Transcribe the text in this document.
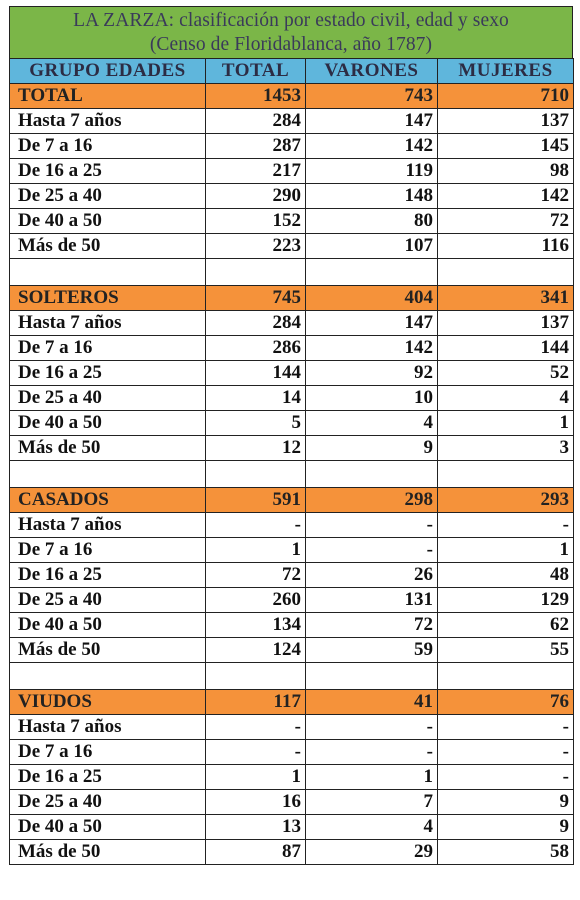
LA ZARZA: clasificación por estado civil, edad y sexo
(Censo de Floridablanca, año 1787)
GRUPO EDADES	TOTAL	VARONES	MUJERES
TOTAL	1453	743	710
Hasta 7 años	284	147	137
De 7 a 16	287	142	145
De 16 a 25	217	119	98
De 25 a 40	290	148	142
De 40 a 50	152	80	72
Más de 50	223	107	116

SOLTEROS	745	404	341
Hasta 7 años	284	147	137
De 7 a 16	286	142	144
De 16 a 25	144	92	52
De 25 a 40	14	10	4
De 40 a 50	5	4	1
Más de 50	12	9	3

CASADOS	591	298	293
Hasta 7 años	-	-	-
De 7 a 16	1	-	1
De 16 a 25	72	26	48
De 25 a 40	260	131	129
De 40 a 50	134	72	62
Más de 50	124	59	55

VIUDOS	117	41	76
Hasta 7 años	-	-	-
De 7 a 16	-	-	-
De 16 a 25	1	1	-
De 25 a 40	16	7	9
De 40 a 50	13	4	9
Más de 50	87	29	58
